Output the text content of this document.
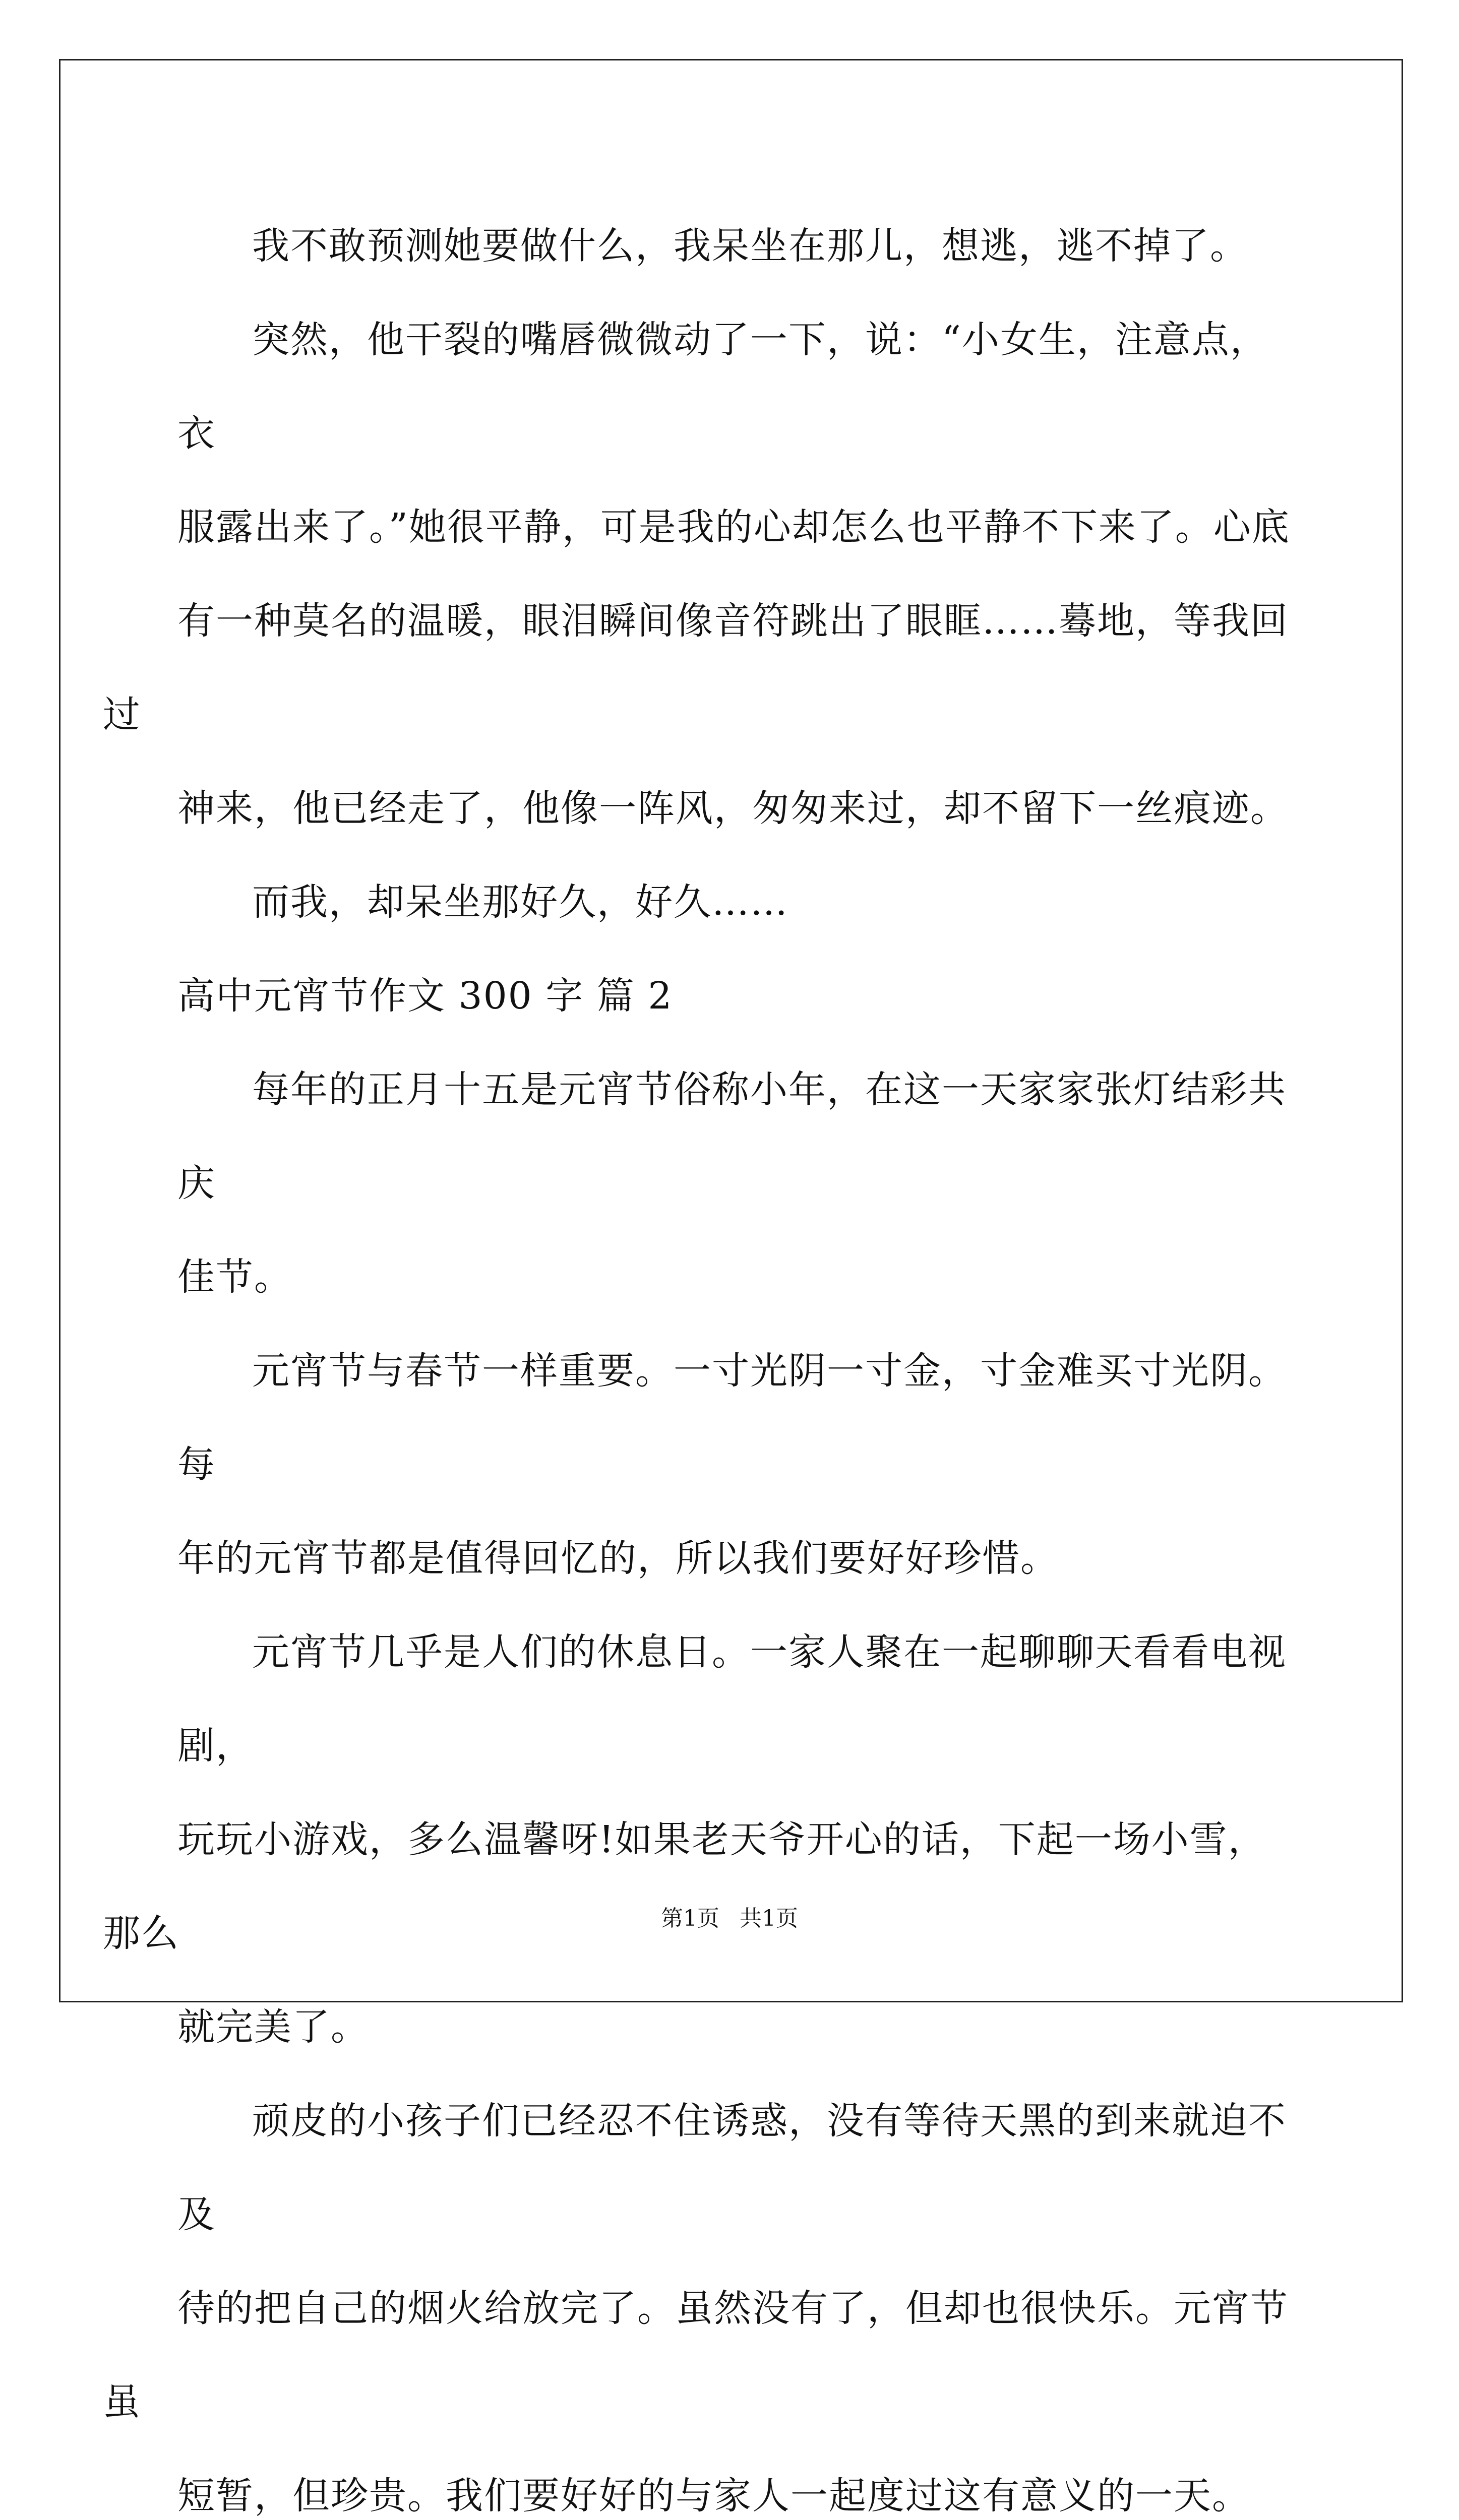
我不敢预测她要做什么，我呆坐在那儿，想逃，逃不掉了。

突然，他干裂的嘴唇微微动了一下，说：“小女生，注意点，衣
服露出来了。”她很平静，可是我的心却怎么也平静不下来了。心底
有一种莫名的温暖，眼泪瞬间像音符跳出了眼眶……蓦地，等我回过
神来，他已经走了，他像一阵风，匆匆来过，却不留下一丝痕迹。

而我，却呆坐那好久，好久……

高中元宵节作文 300 字 篇 2

每年的正月十五是元宵节俗称小年，在这一天家家张灯结彩共庆
佳节。

元宵节与春节一样重要。一寸光阴一寸金，寸金难买寸光阴。每
年的元宵节都是值得回忆的，所以我们要好好珍惜。

元宵节几乎是人们的休息日。一家人聚在一起聊聊天看看电视剧，
玩玩小游戏，多么温馨呀!如果老天爷开心的话，下起一场小雪，那么
就完美了。

顽皮的小孩子们已经忍不住诱惑，没有等待天黑的到来就迫不及
待的把自己的烟火给放完了。虽然没有了，但却也很快乐。元宵节虽
短暂，但珍贵。我们要好好的与家人一起度过这有意义的一天。

第1页 共1页
